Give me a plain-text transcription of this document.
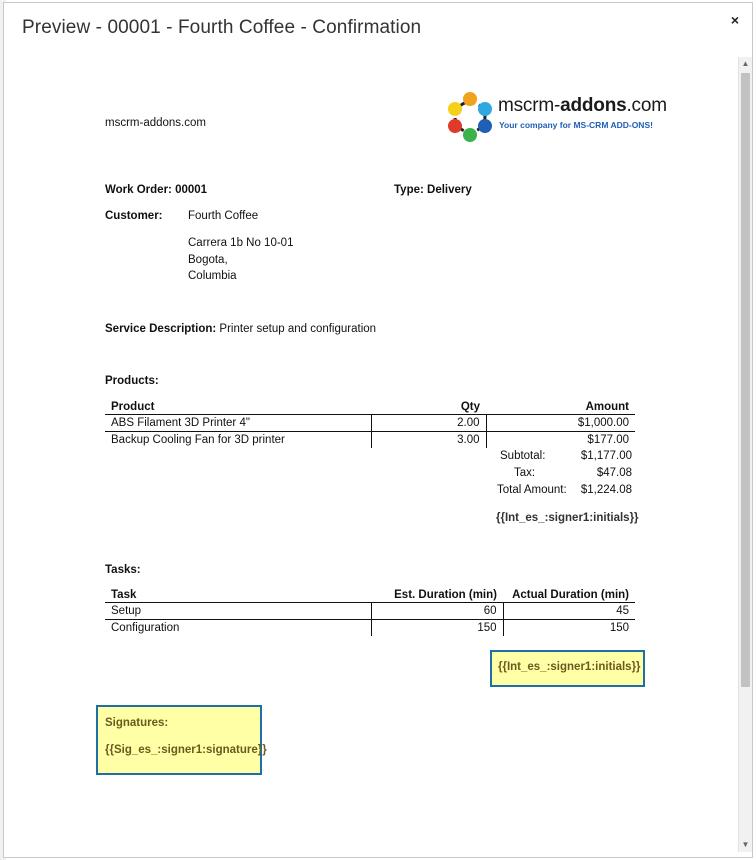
Preview - 00001 - Fourth Coffee - Confirmation	×
mscrm-addons.com
mscrm-addons.com
Your company for MS-CRM ADD-ONS!
Work Order: 00001	Type: Delivery
Customer: Fourth Coffee
Carrera 1b No 10-01
Bogota,
Columbia
Service Description: Printer setup and configuration
Products:
Product	Qty	Amount
ABS Filament 3D Printer 4"	2.00	$1,000.00
Backup Cooling Fan for 3D printer	3.00	$177.00
Subtotal:	$1,177.00
Tax:	$47.08
Total Amount:	$1,224.08
{{Int_es_:signer1:initials}}
Tasks:
Task	Est. Duration (min)	Actual Duration (min)
Setup	60	45
Configuration	150	150
{{Int_es_:signer1:initials}}
Signatures:
{{Sig_es_:signer1:signature}}
▲
▼
